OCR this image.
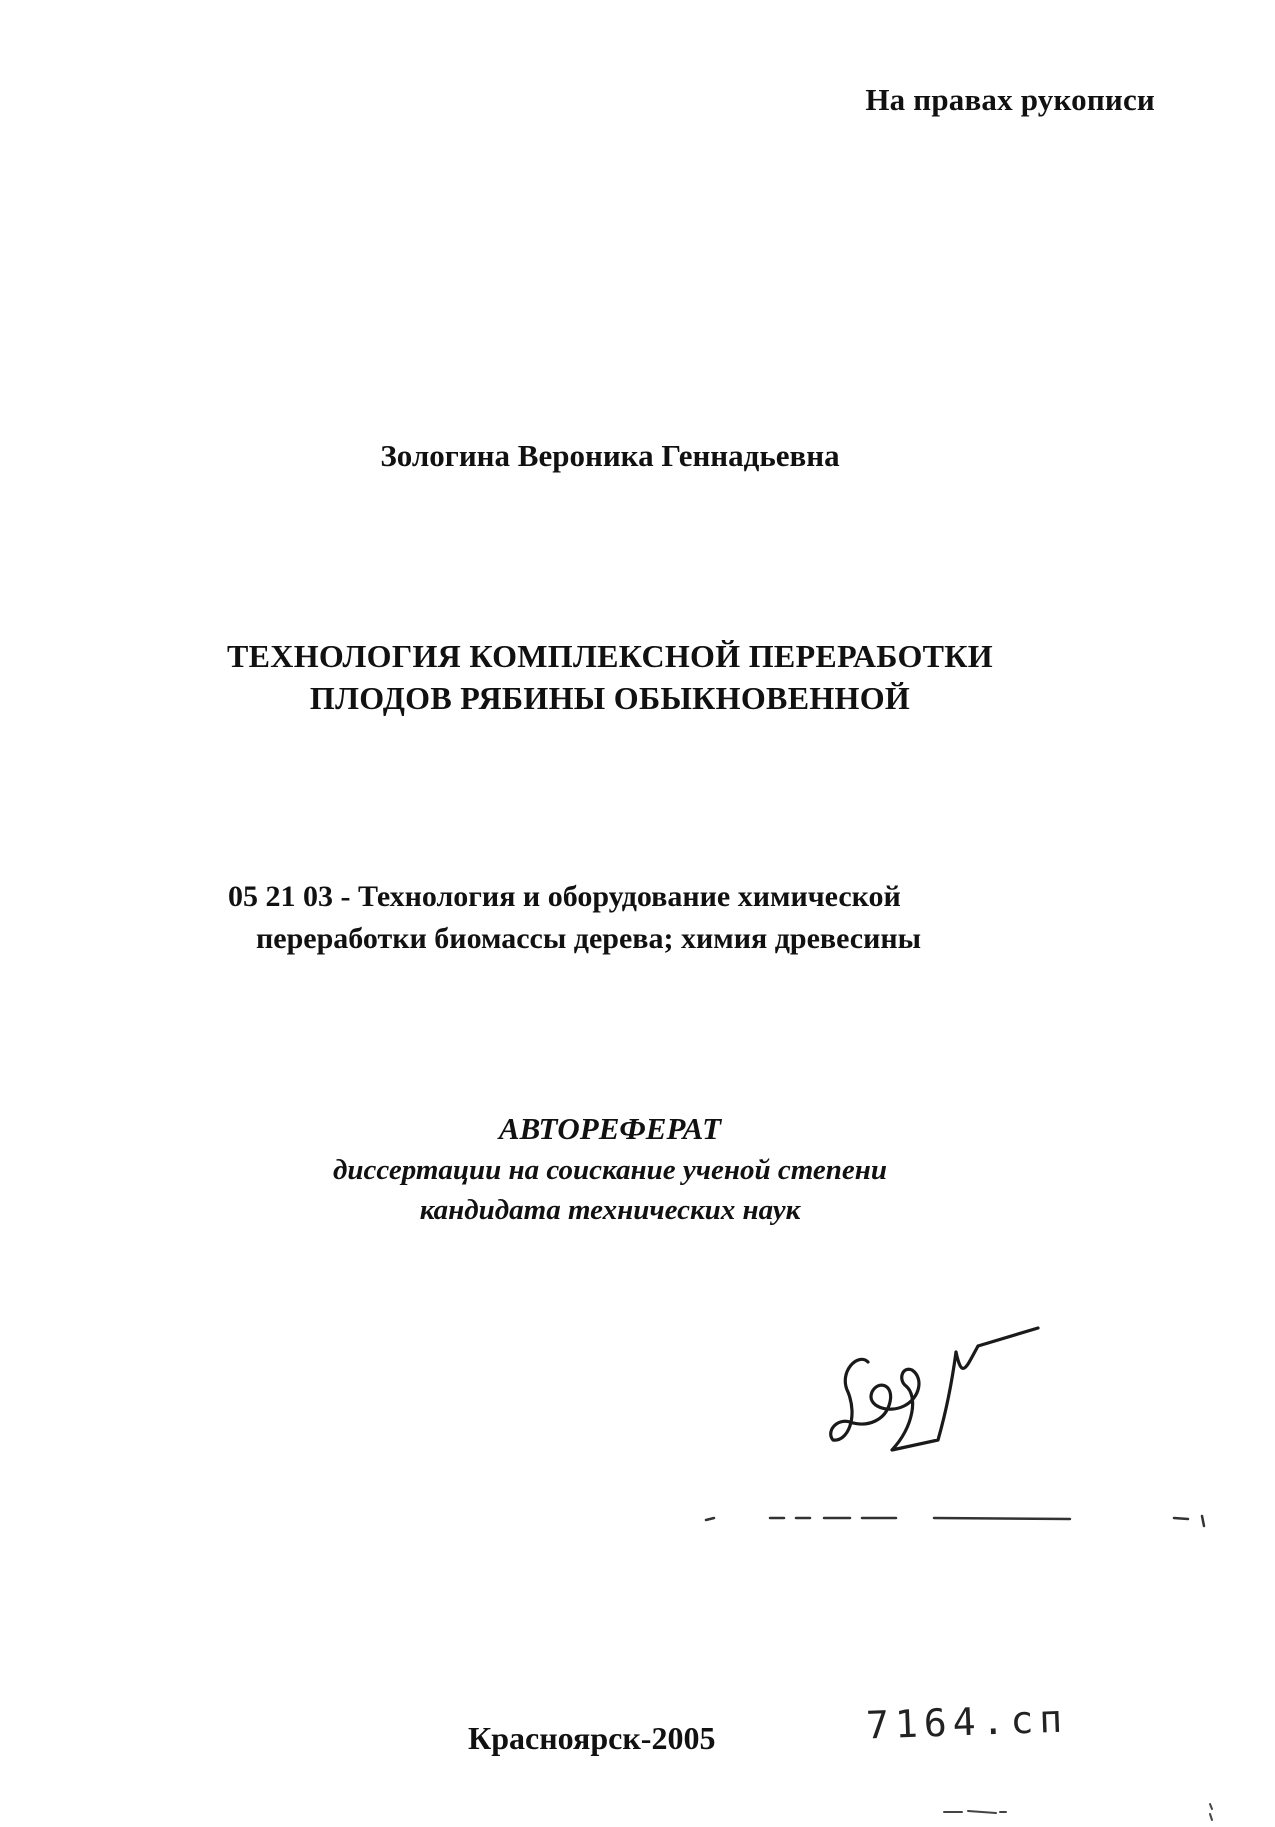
На правах рукописи
Зологина Вероника Геннадьевна
ТЕХНОЛОГИЯ КОМПЛЕКСНОЙ ПЕРЕРАБОТКИ
ПЛОДОВ РЯБИНЫ ОБЫКНОВЕННОЙ
05 21 03 - Технология и оборудование химической
переработки биомассы дерева; химия древесины
АВТОРЕФЕРАТ
диссертации на соискание ученой степени
кандидата технических наук
Красноярск-2005	7164.сп
